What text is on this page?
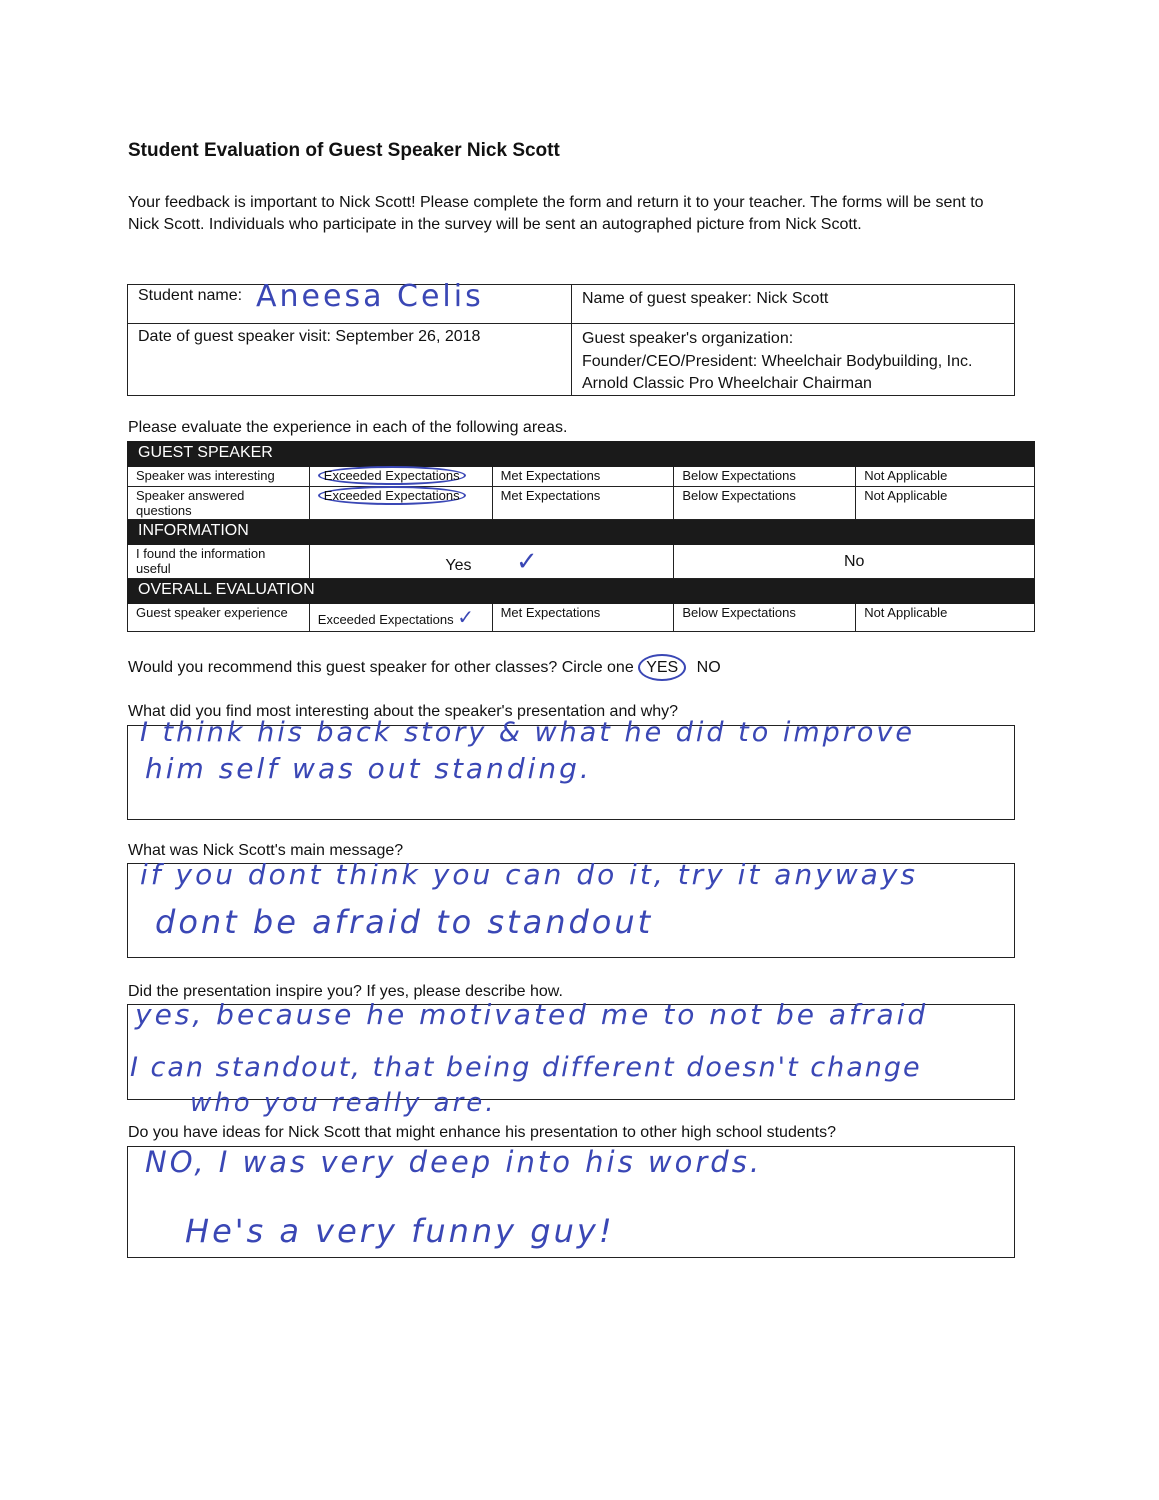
Student Evaluation of Guest Speaker Nick Scott
Your feedback is important to Nick Scott! Please complete the form and return it to your teacher. The forms will be sent to Nick Scott. Individuals who participate in the survey will be sent an autographed picture from Nick Scott.
Student name: Aneesa Celis	Name of guest speaker: Nick Scott
Date of guest speaker visit: September 26, 2018	Guest speaker's organization:
Founder/CEO/President: Wheelchair Bodybuilding, Inc.
Arnold Classic Pro Wheelchair Chairman
Please evaluate the experience in each of the following areas.
GUEST SPEAKER				
Speaker was interesting	Exceeded Expectations	Met Expectations	Below Expectations	Not Applicable
Speaker answered
questions	Exceeded Expectations	Met Expectations	Below Expectations	Not Applicable
INFORMATION				
I found the information
useful	Yes ✓		No	
OVERALL EVALUATION				
Guest speaker experience	Exceeded Expectations ✓	Met Expectations	Below Expectations	Not Applicable
Would you recommend this guest speaker for other classes? Circle one YES NO
What did you find most interesting about the speaker's presentation and why?
I think his back story & what he did to improve
him self was out standing.
What was Nick Scott's main message?
if you dont think you can do it, try it anyways
dont be afraid to standout
Did the presentation inspire you? If yes, please describe how.
yes, because he motivated me to not be afraid
I can standout, that being different doesn't change
who you really are.
Do you have ideas for Nick Scott that might enhance his presentation to other high school students?
NO, I was very deep into his words.
He's a very funny guy!
